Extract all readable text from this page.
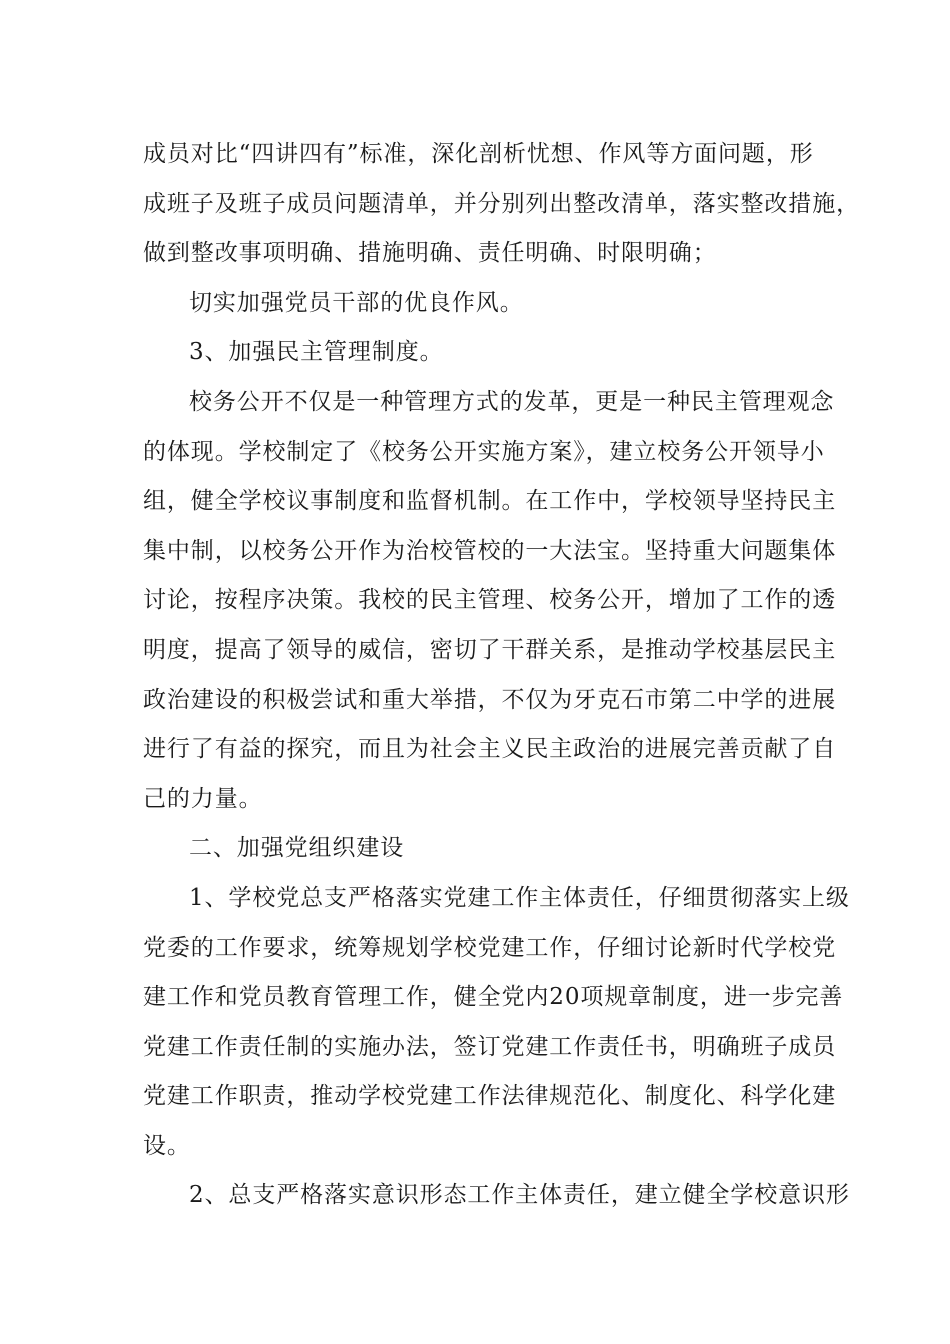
成员对比“四讲四有”标准，深化剖析忧想、作风等方面问题，形
成班子及班子成员问题清单，并分别列出整改清单，落实整改措施，
做到整改事项明确、措施明确、责任明确、时限明确；

切实加强党员干部的优良作风。

3、加强民主管理制度。

校务公开不仅是一种管理方式的发革，更是一种民主管理观念
的体现。学校制定了《校务公开实施方案》，建立校务公开领导小
组，健全学校议事制度和监督机制。在工作中，学校领导坚持民主
集中制，以校务公开作为治校管校的一大法宝。坚持重大问题集体
讨论，按程序决策。我校的民主管理、校务公开，增加了工作的透
明度，提高了领导的威信，密切了干群关系，是推动学校基层民主
政治建设的积极尝试和重大举措，不仅为牙克石市第二中学的进展
进行了有益的探究，而且为社会主义民主政治的进展完善贡献了自
己的力量。

二、加强党组织建设

1、学校党总支严格落实党建工作主体责任，仔细贯彻落实上级
党委的工作要求，统筹规划学校党建工作，仔细讨论新时代学校党
建工作和党员教育管理工作，健全党内20项规章制度，进一步完善
党建工作责任制的实施办法，签订党建工作责任书，明确班子成员
党建工作职责，推动学校党建工作法律规范化、制度化、科学化建
设。

2、总支严格落实意识形态工作主体责任，建立健全学校意识形
